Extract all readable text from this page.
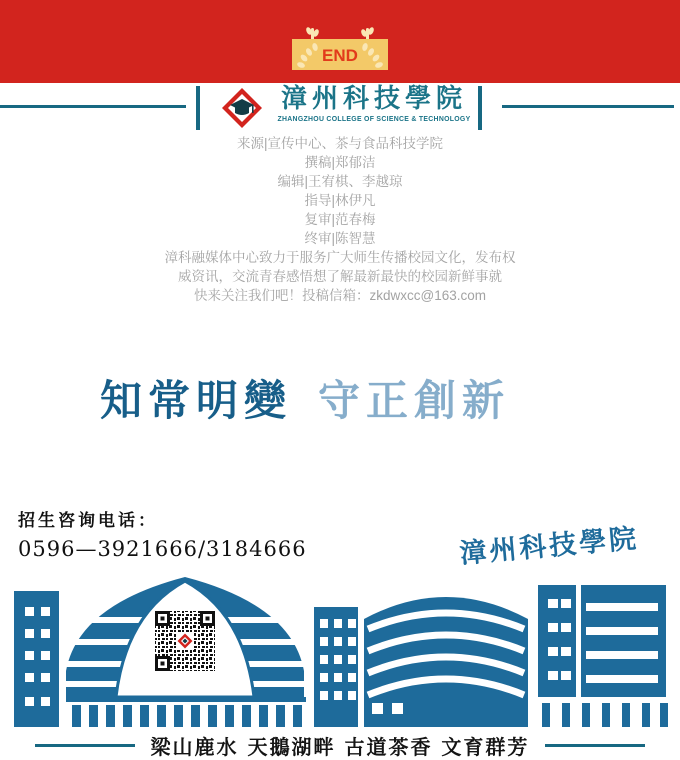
END
漳州科技學院
ZHANGZHOU COLLEGE OF SCIENCE & TECHNOLOGY
来源|宣传中心、茶与食品科技学院
撰稿|郑郁洁
编辑|王宥棋、李越琼
指导|林伊凡
复审|范春梅
终审|陈智慧
漳科融媒体中心致力于服务广大师生传播校园文化，发布权
威资讯，交流青春感悟想了解最新最快的校园新鲜事就
快来关注我们吧！投稿信箱：zkdwxcc@163.com
知常明變 守正創新
招生咨询电话：
0596—3921666/3184666	漳州科技學院
梁山鹿水 天鵝湖畔 古道茶香 文育群芳
